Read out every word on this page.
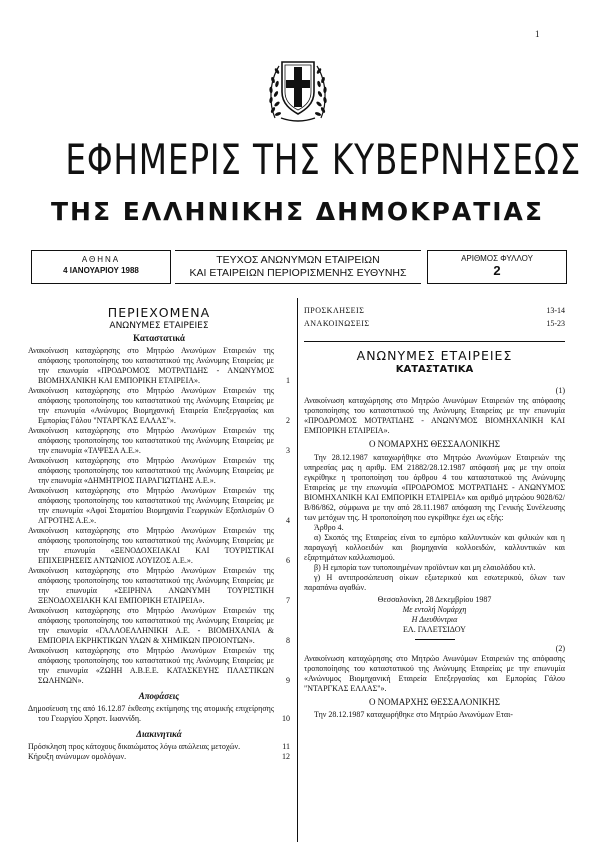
1
ΕΦΗΜΕΡΙΣ ΤΗΣ ΚΥΒΕΡΝΗΣΕΩΣ
ΤΗΣ ΕΛΛΗΝΙΚΗΣ ΔΗΜΟΚΡΑΤΙΑΣ
ΑΘΗΝΑ
4 ΙΑΝΟΥΑΡΙΟΥ 1988
ΤΕΥΧΟΣ ΑΝΩΝΥΜΩΝ ΕΤΑΙΡΕΙΩΝ
ΚΑΙ ΕΤΑΙΡΕΙΩΝ ΠΕΡΙΟΡΙΣΜΕΝΗΣ ΕΥΘΥΝΗΣ
ΑΡΙΘΜΟΣ ΦΥΛΛΟΥ
2
ΠΕΡΙΕΧΟΜΕΝΑ
ΑΝΩΝΥΜΕΣ ΕΤΑΙΡΕΙΕΣ
Καταστατικά
Ανακοίνωση καταχώρησης στο Μητρώο Ανωνύμων Εταιρειών της απόφασης τροποποίησης του καταστατικού της Ανώνυμης Εταιρείας με την επωνυμία «ΠΡΟΔΡΟΜΟΣ ΜΟΤΡΑΤΙΔΗΣ - ΑΝΩΝΥΜΟΣ ΒΙΟΜΗΧΑΝΙΚΗ ΚΑΙ ΕΜΠΟΡΙΚΗ ΕΤΑΙΡΕΙΑ».	1
Ανακοίνωση καταχώρησης στο Μητρώο Ανωνύμων Εταιρειών της απόφασης τροποποίησης του καταστατικού της Ανώνυμης Εταιρείας με την επωνυμία «Ανώνυμος Βιομηχανική Εταιρεία Επεξεργασίας και Εμπορίας Γάλου "ΝΤΑΡΓΚΑΣ ΕΛΛΑΣ"».	2
Ανακοίνωση καταχώρησης στο Μητρώο Ανωνύμων Εταιρειών της απόφασης τροποποίησης του καταστατικού της Ανώνυμης Εταιρείας με την επωνυμία «ΤΑΨΕΣΑ Α.Ε.».	3
Ανακοίνωση καταχώρησης στο Μητρώο Ανωνύμων Εταιρειών της απόφασης τροποποίησης του καταστατικού της Ανώνυμης Εταιρείας με την επωνυμία «ΔΗΜΗΤΡΙΟΣ ΠΑΡΑΓΙΩΤΙΔΗΣ Α.Ε.».
Ανακοίνωση καταχώρησης στο Μητρώο Ανωνύμων Εταιρειών της απόφασης τροποποίησης του καταστατικού της Ανώνυμης Εταιρείας με την επωνυμία «Αφοί Σταματίου Βιομηχανία Γεωργικών Εξοπλισμών Ο ΑΓΡΟΤΗΣ Α.Ε.».	4
Ανακοίνωση καταχώρησης στο Μητρώο Ανωνύμων Εταιρειών της απόφασης τροποποίησης του καταστατικού της Ανώνυμης Εταιρείας με την επωνυμία «ΞΕΝΟΔΟΧΕΙΑΚΑΙ ΚΑΙ ΤΟΥΡΙΣΤΙΚΑΙ ΕΠΙΧΕΙΡΗΣΕΙΣ ΑΝΤΩΝΙΟΣ ΛΟΥΙΖΟΣ Α.Ε.».	6
Ανακοίνωση καταχώρησης στο Μητρώο Ανωνύμων Εταιρειών της απόφασης τροποποίησης του καταστατικού της Ανώνυμης Εταιρείας με την επωνυμία «ΣΕΙΡΗΝΑ ΑΝΩΝΥΜΗ ΤΟΥΡΙΣΤΙΚΗ ΞΕΝΟΔΟΧΕΙΑΚΗ ΚΑΙ ΕΜΠΟΡΙΚΗ ΕΤΑΙΡΕΙΑ».	7
Ανακοίνωση καταχώρησης στο Μητρώο Ανωνύμων Εταιρειών της απόφασης τροποποίησης του καταστατικού της Ανώνυμης Εταιρείας με την επωνυμία «ΓΑΛΛΟΕΛΛΗΝΙΚΗ Α.Ε. - ΒΙΟΜΗΧΑΝΙΑ & ΕΜΠΟΡΙΑ ΕΚΡΗΚΤΙΚΩΝ ΥΛΩΝ & ΧΗΜΙΚΩΝ ΠΡΟΙΟΝΤΩΝ».	8
Ανακοίνωση καταχώρησης στο Μητρώο Ανωνύμων Εταιρειών της απόφασης τροποποίησης του καταστατικού της Ανώνυμης Εταιρείας με την επωνυμία «ΖΩΗΗ Α.Β.Ε.Ε. ΚΑΤΑΣΚΕΥΗΣ ΠΛΑΣΤΙΚΩΝ ΣΩΛΗΝΩΝ».	9
Αποφάσεις
Δημοσίευση της από 16.12.87 έκθεσης εκτίμησης της ατομικής επιχείρησης του Γεωργίου Χρηστ. Ιωαννίδη.	10
Διακινητικά
Πρόσκληση προς κάτοχους δικαιώματος λόγω απώλειας μετοχών.	11
Κήρυξη ανώνυμων ομολόγων.	12
ΠΡΟΣΚΛΗΣΕΙΣ	13-14
ΑΝΑΚΟΙΝΩΣΕΙΣ	15-23
ΑΝΩΝΥΜΕΣ ΕΤΑΙΡΕΙΕΣ
ΚΑΤΑΣΤΑΤΙΚΑ
(1)
Ανακοίνωση καταχώρησης στο Μητρώο Ανωνύμων Εταιρειών της απόφασης τροποποίησης του καταστατικού της Ανώνυμης Εταιρείας με την επωνυμία «ΠΡΟΔΡΟΜΟΣ ΜΟΤΡΑΤΙΔΗΣ - ΑΝΩΝΥΜΟΣ ΒΙΟΜΗΧΑΝΙΚΗ ΚΑΙ ΕΜΠΟΡΙΚΗ ΕΤΑΙΡΕΙΑ».
Ο ΝΟΜΑΡΧΗΣ ΘΕΣΣΑΛΟΝΙΚΗΣ
Την 28.12.1987 καταχωρήθηκε στο Μητρώο Ανωνύμων Εταιρειών της υπηρεσίας μας η αριθμ. ΕΜ 21882/28.12.1987 απόφασή μας με την οποία εγκρίθηκε η τροποποίηση του άρθρου 4 του καταστατικού της Ανώνυμης Εταιρείας με την επωνυμία «ΠΡΟΔΡΟΜΟΣ ΜΟΤΡΑΤΙΔΗΣ - ΑΝΩΝΥΜΟΣ ΒΙΟΜΗΧΑΝΙΚΗ ΚΑΙ ΕΜΠΟΡΙΚΗ ΕΤΑΙΡΕΙΑ» και αριθμό μητρώου 9028/62/Β/86/862, σύμφωνα με την από 28.11.1987 απόφαση της Γενικής Συνέλευσης των μετόχων της. Η τροποποίηση που εγκρίθηκε έχει ως εξής:
Άρθρο 4.
α) Σκοπός της Εταιρείας είναι το εμπόριο καλλυντικών και φιλικών και η παραγωγή κολλοειδών και βιομηχανία κολλοειδών, καλλυντικών και εξαρτημάτων καλλωπισμού.
β) Η εμπορία των τυποποιημένων προϊόντων και μη ελαιολάδου κτλ.
γ) Η αντιπροσώπευση οίκων εξωτερικού και εσωτερικού, όλων των παραπάνω αγαθών.
Θεσσαλονίκη, 28 Δεκεμβρίου 1987
Με εντολή Νομάρχη
Η Διευθύντρια
ΕΛ. ΓΑΛΕΤΣΙΔΟΥ
(2)
Ανακοίνωση καταχώρησης στο Μητρώο Ανωνύμων Εταιρειών της απόφασης τροποποίησης του καταστατικού της Ανώνυμης Εταιρείας με την επωνυμία «Ανώνυμος Βιομηχανική Εταιρεία Επεξεργασίας και Εμπορίας Γάλου "ΝΤΑΡΓΚΑΣ ΕΛΛΑΣ"».
Ο ΝΟΜΑΡΧΗΣ ΘΕΣΣΑΛΟΝΙΚΗΣ
Την 28.12.1987 καταχωρήθηκε στο Μητρώο Ανωνύμων Εται-
